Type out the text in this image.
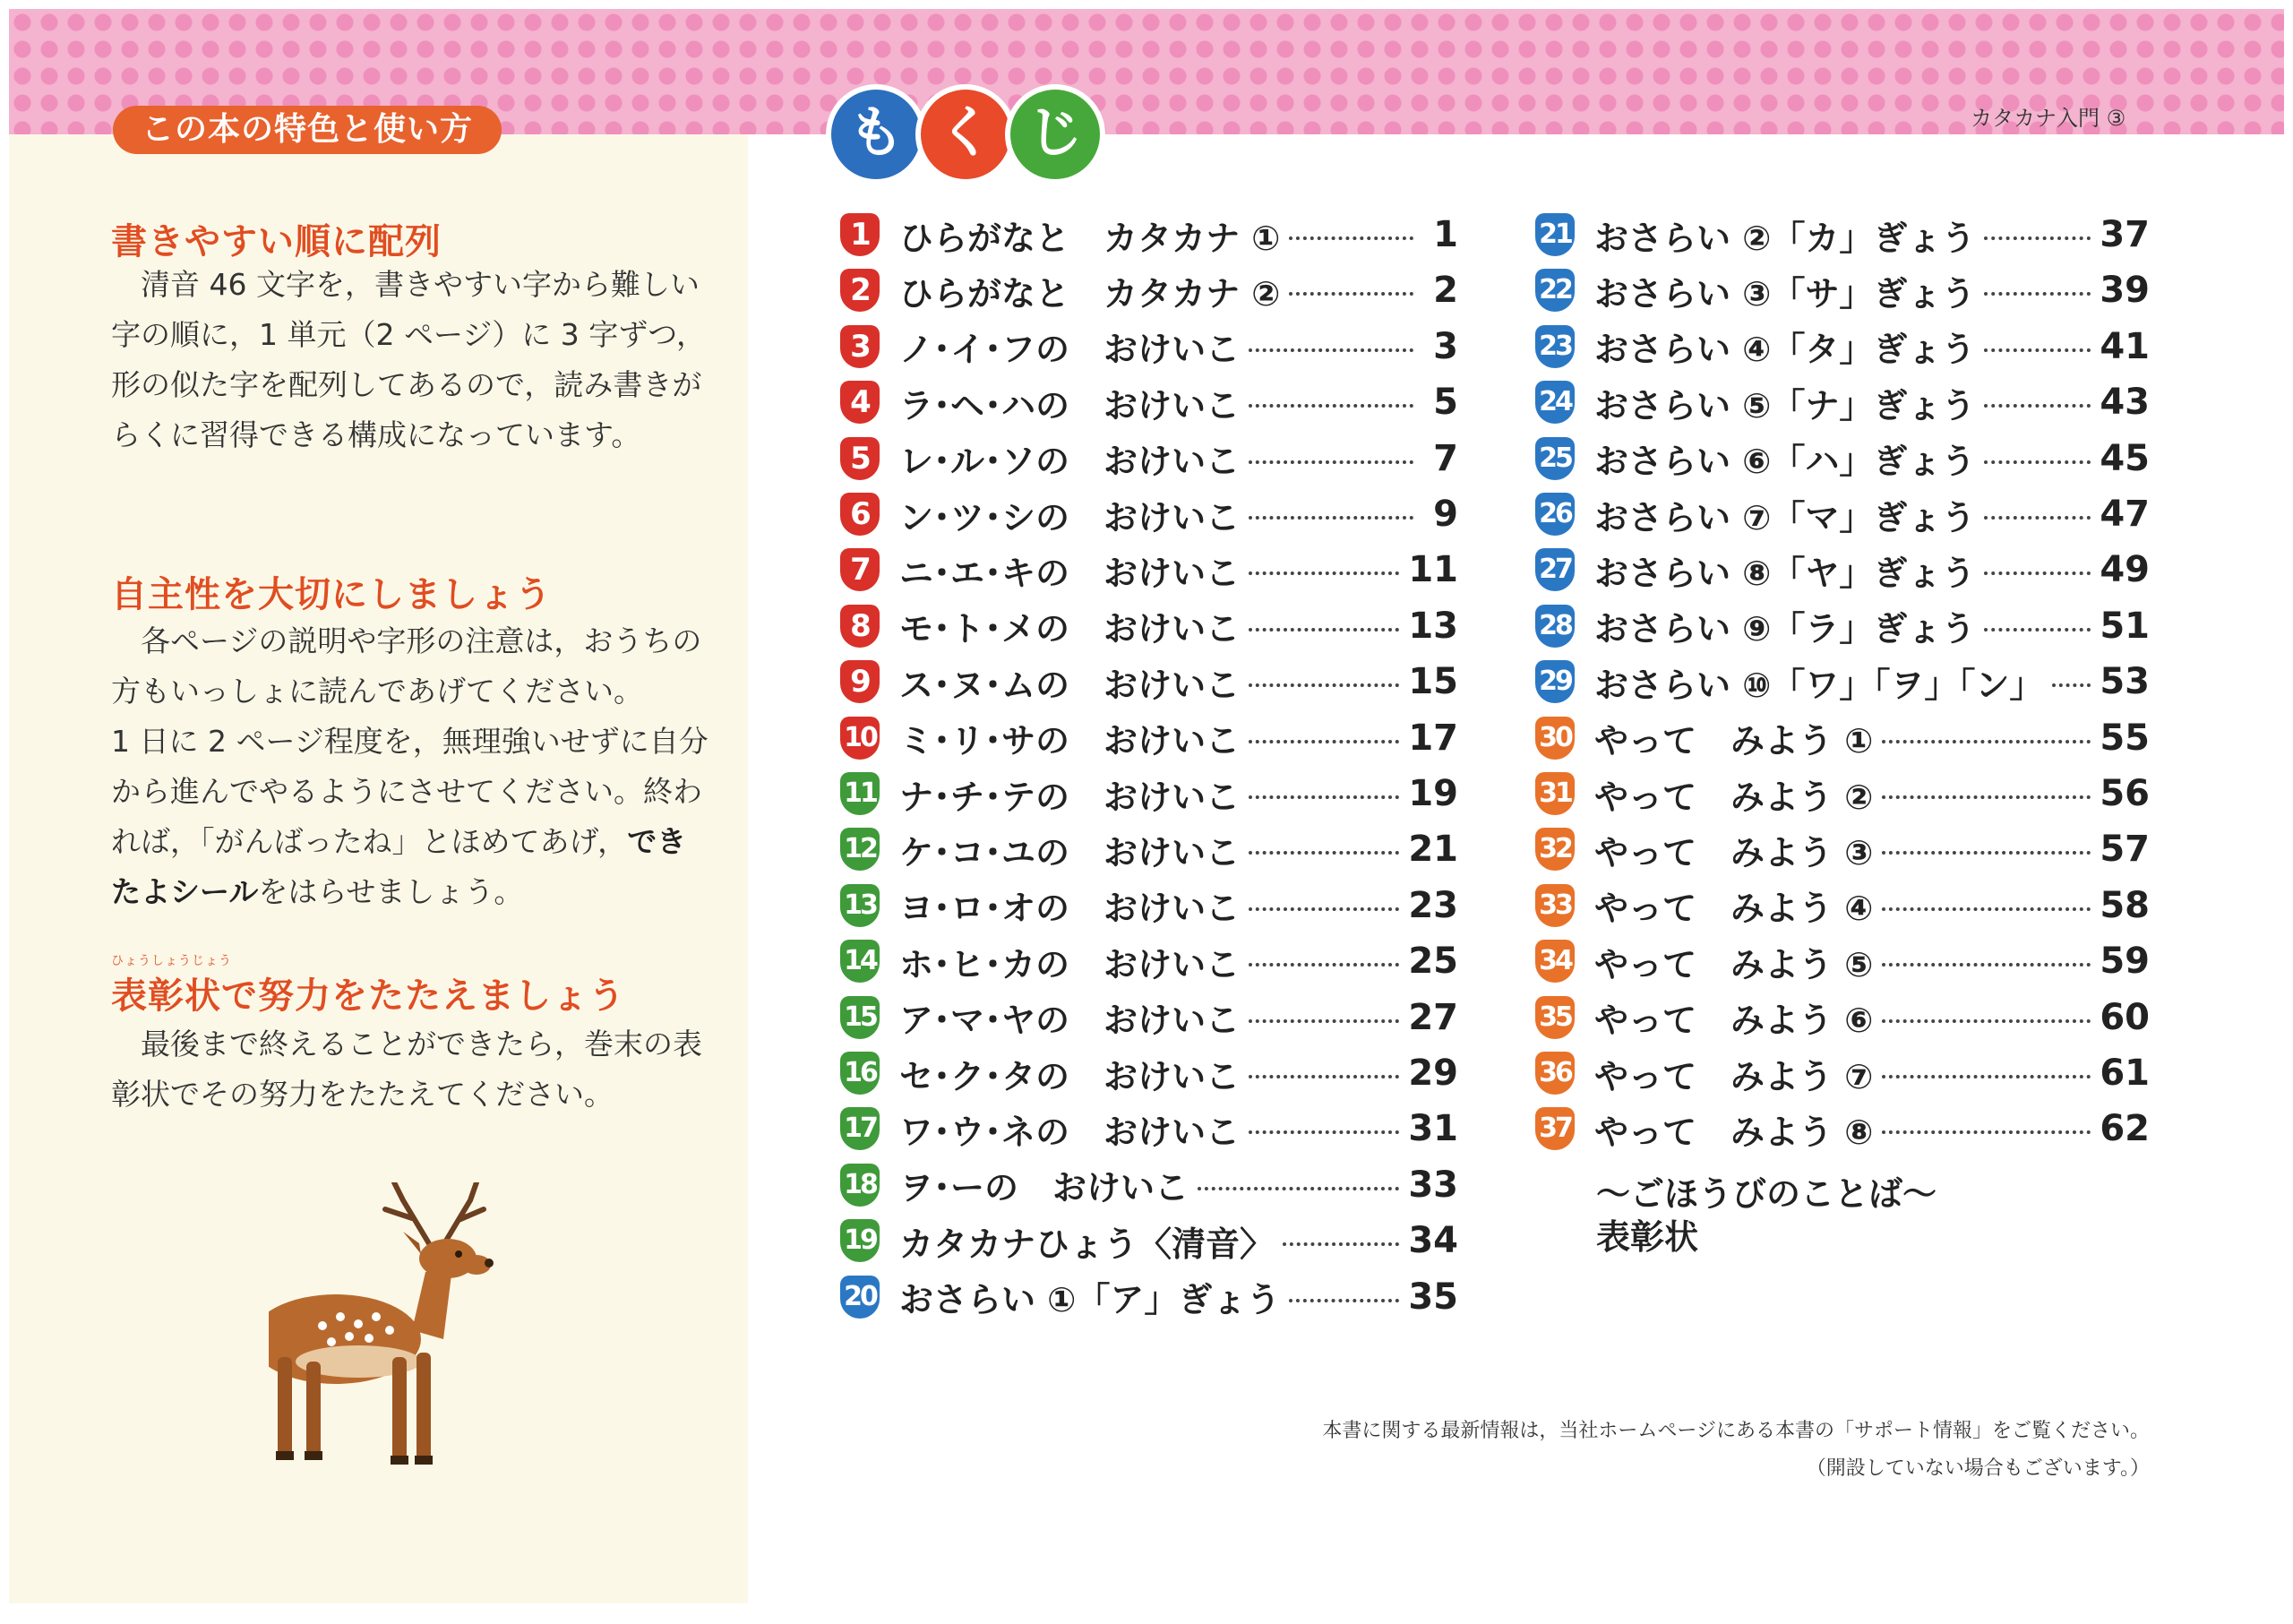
この本の特色と使い方	も く じ	カタカナ入門 ③
書きやすい順に配列

　清音 46 文字を，書きやすい字から難しい字の順に，1 単元（2 ページ）に 3 字ずつ，形の似た字を配列してあるので，読み書きがらくに習得できる構成になっています。

自主性を大切にしましょう

　各ページの説明や字形の注意は，おうちの方もいっしょに読んであげてください。

1 日に 2 ページ程度を，無理強いせずに自分から進んでやるようにさせてください。終われば，「がんばったね」とほめてあげ，できたよシールをはらせましょう。

ひょうしょうじょう
表彰状で努力をたたえましょう

　最後まで終えることができたら，巻末の表彰状でその努力をたたえてください。

1 ひらがなと　カタカナ ①	1
2 ひらがなと　カタカナ ②	2
3 ノ･イ･フの　おけいこ	3
4 ラ･ヘ･ハの　おけいこ	5
5 レ･ル･ソの　おけいこ	7
6 ン･ツ･シの　おけいこ	9
7 ニ･エ･キの　おけいこ	11
8 モ･ト･メの　おけいこ	13
9 ス･ヌ･ムの　おけいこ	15
10 ミ･リ･サの　おけいこ	17
11 ナ･チ･テの　おけいこ	19
12 ケ･コ･ユの　おけいこ	21
13 ヨ･ロ･オの　おけいこ	23
14 ホ･ヒ･カの　おけいこ	25
15 ア･マ･ヤの　おけいこ	27
16 セ･ク･タの　おけいこ	29
17 ワ･ウ･ネの　おけいこ	31
18 ヲ･ーの　おけいこ	33
19 カタカナひょう〈清音〉	34
20 おさらい ①「ア」ぎょう	35
21 おさらい ②「カ」ぎょう	37
22 おさらい ③「サ」ぎょう	39
23 おさらい ④「タ」ぎょう	41
24 おさらい ⑤「ナ」ぎょう	43
25 おさらい ⑥「ハ」ぎょう	45
26 おさらい ⑦「マ」ぎょう	47
27 おさらい ⑧「ヤ」ぎょう	49
28 おさらい ⑨「ラ」ぎょう	51
29 おさらい ⑩「ワ」「ヲ」「ン」 53
30 やって　みよう ①	55
31 やって　みよう ②	56
32 やって　みよう ③	57
33 やって　みよう ④	58
34 やって　みよう ⑤	59
35 やって　みよう ⑥	60
36 やって　みよう ⑦	61
37 やって　みよう ⑧	62
～ごほうびのことば～
表彰状
本書に関する最新情報は，当社ホームページにある本書の「サポート情報」をご覧ください。
（開設していない場合もございます。）
